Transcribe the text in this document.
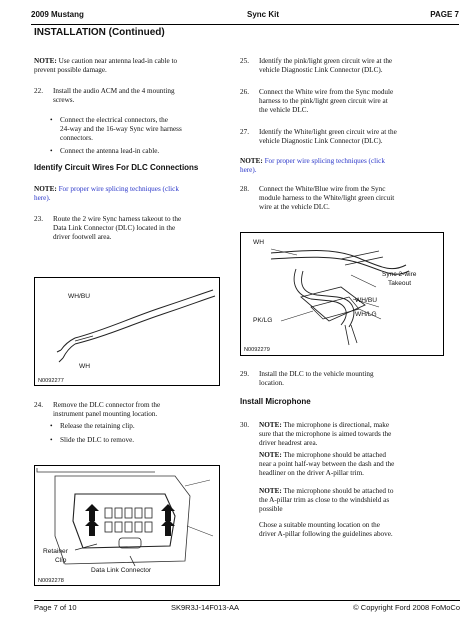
2009 Mustang	Sync Kit	PAGE 7
INSTALLATION (Continued)
NOTE: Use caution near antenna lead-in cable to
prevent possible damage.
22. Install the audio ACM and the 4 mounting
screws.
• Connect the electrical connectors, the
24-way and the 16-way Sync wire harness
connectors.
• Connect the antenna lead-in cable.
Identify Circuit Wires For DLC Connections
NOTE: For proper wire splicing techniques (click
here).
23. Route the 2 wire Sync harness takeout to the
Data Link Connector (DLC) located in the
driver footwell area.
WH/BU
WH
N0092277
24. Remove the DLC connector from the
instrument panel mounting location.
• Release the retaining clip.
• Slide the DLC to remove.
Retainer
Clip
Data Link Connector
N0092278
25. Identify the pink/light green circuit wire at the
vehicle Diagnostic Link Connector (DLC).
26. Connect the White wire from the Sync module
harness to the pink/light green circuit wire at
the vehicle DLC.
27. Identify the White/light green circuit wire at the
vehicle Diagnostic Link Connector (DLC).
NOTE: For proper wire splicing techniques (click
here).
28. Connect the White/Blue wire from the Sync
module harness to the White/light green circuit
wire at the vehicle DLC.
WH
Sync 2-wire
Takeout
WH/BU
PK/LG
WH/LG
N0092279
29. Install the DLC to the vehicle mounting
location.
Install Microphone
30. NOTE: The microphone is directional, make
sure that the microphone is aimed towards the
driver headrest area.
NOTE: The microphone should be attached
near a point half-way between the dash and the
headliner on the driver A-pillar trim.
NOTE: The microphone should be attached to
the A-pillar trim as close to the windshield as
possible
Chose a suitable mounting location on the
driver A-pillar following the guidelines above.
Page 7 of 10	SK9R3J-14F013-AA	© Copyright Ford 2008 FoMoCo
